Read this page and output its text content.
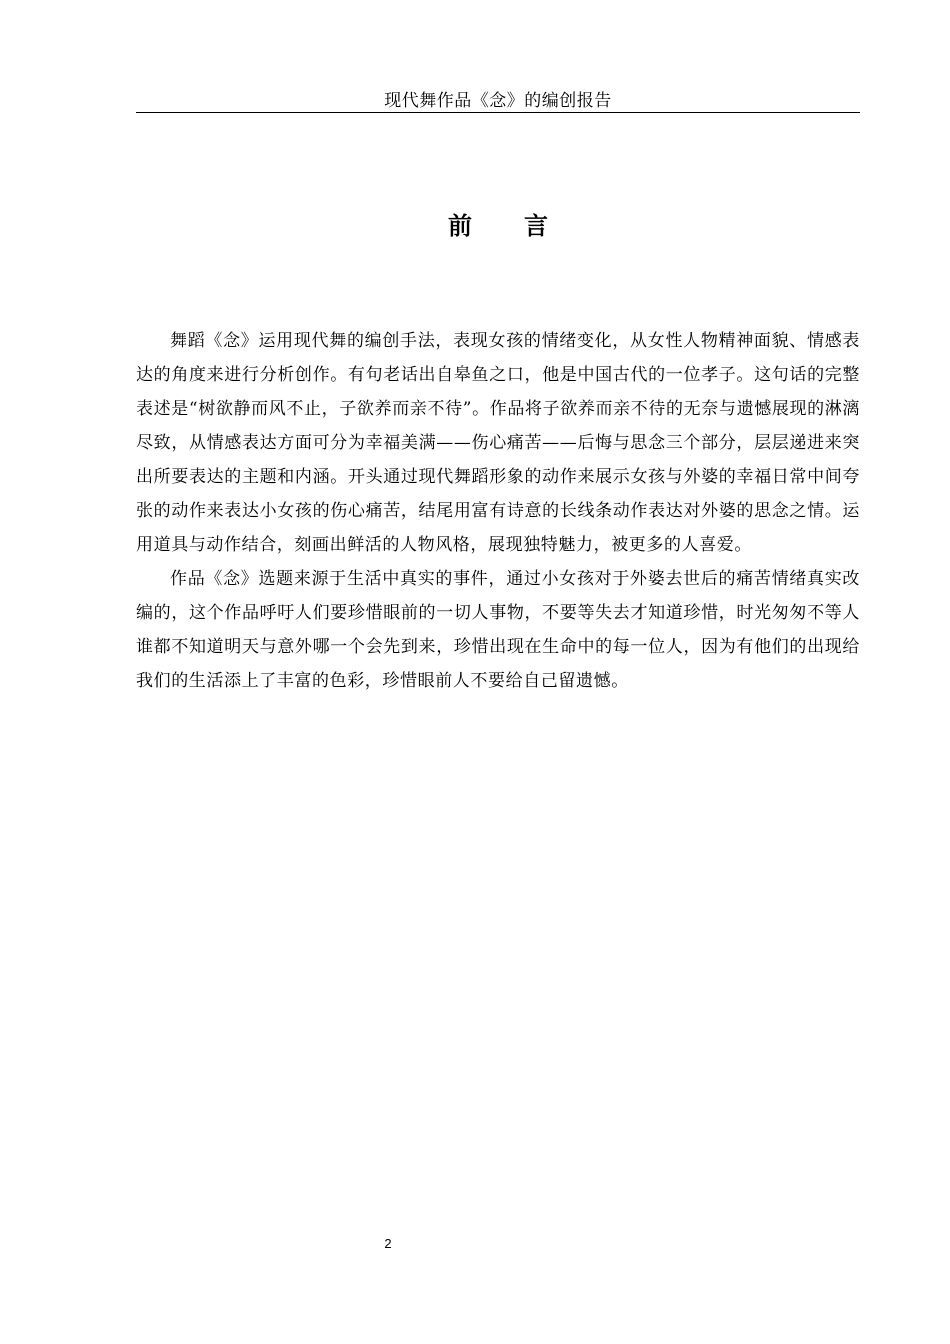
现代舞作品《念》的编创报告
前 言

舞蹈《念》运用现代舞的编创手法，表现女孩的情绪变化，从女性人物精神面貌、情感表达的角度来进行分析创作。有句老话出自皋鱼之口，他是中国古代的一位孝子。这句话的完整表述是“树欲静而风不止，子欲养而亲不待”。作品将子欲养而亲不待的无奈与遗憾展现的淋漓尽致，从情感表达方面可分为幸福美满——伤心痛苦——后悔与思念三个部分，层层递进来突出所要表达的主题和内涵。开头通过现代舞蹈形象的动作来展示女孩与外婆的幸福日常中间夸张的动作来表达小女孩的伤心痛苦，结尾用富有诗意的长线条动作表达对外婆的思念之情。运用道具与动作结合，刻画出鲜活的人物风格，展现独特魅力，被更多的人喜爱。

作品《念》选题来源于生活中真实的事件，通过小女孩对于外婆去世后的痛苦情绪真实改编的，这个作品呼吁人们要珍惜眼前的一切人事物，不要等失去才知道珍惜，时光匆匆不等人谁都不知道明天与意外哪一个会先到来，珍惜出现在生命中的每一位人，因为有他们的出现给我们的生活添上了丰富的色彩，珍惜眼前人不要给自己留遗憾。

2
